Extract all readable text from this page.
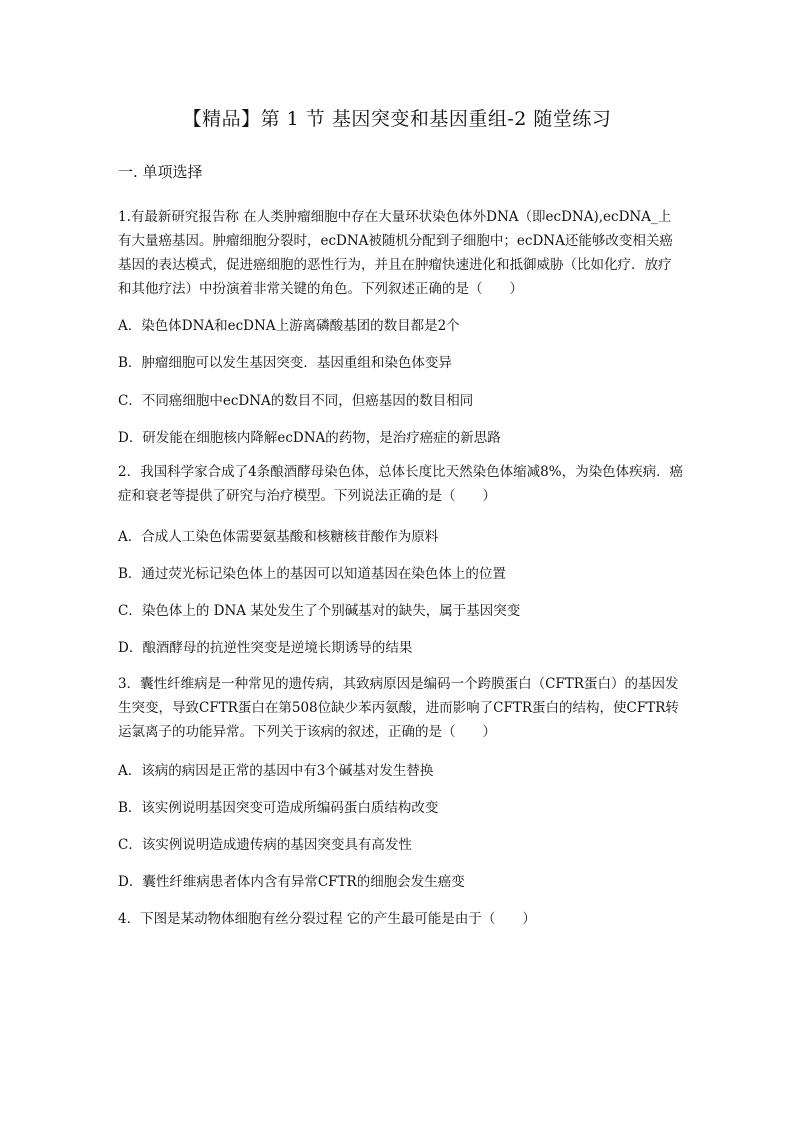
【精品】第 1 节 基因突变和基因重组-2 随堂练习
一. 单项选择
1.有最新研究报告称 在人类肿瘤细胞中存在大量环状染色体外DNA（即ecDNA),ecDNA_上有大量癌基因。肿瘤细胞分裂时，ecDNA被随机分配到子细胞中；ecDNA还能够改变相关癌基因的表达模式，促进癌细胞的恶性行为，并且在肿瘤快速进化和抵御威胁（比如化疗．放疗和其他疗法）中扮演着非常关键的角色。下列叙述正确的是（　　）
A．染色体DNA和ecDNA上游离磷酸基团的数目都是2个
B．肿瘤细胞可以发生基因突变．基因重组和染色体变异
C．不同癌细胞中ecDNA的数目不同，但癌基因的数目相同
D．研发能在细胞核内降解ecDNA的药物，是治疗癌症的新思路
2．我国科学家合成了4条酿酒酵母染色体，总体长度比天然染色体缩减8%，为染色体疾病．癌症和衰老等提供了研究与治疗模型。下列说法正确的是（　　）
A．合成人工染色体需要氨基酸和核糖核苷酸作为原料
B．通过荧光标记染色体上的基因可以知道基因在染色体上的位置
C．染色体上的 DNA 某处发生了个别碱基对的缺失，属于基因突变
D．酿酒酵母的抗逆性突变是逆境长期诱导的结果
3．囊性纤维病是一种常见的遗传病，其致病原因是编码一个跨膜蛋白（CFTR蛋白）的基因发生突变，导致CFTR蛋白在第508位缺少苯丙氨酸，进而影响了CFTR蛋白的结构，使CFTR转运氯离子的功能异常。下列关于该病的叙述，正确的是（　　）
A．该病的病因是正常的基因中有3个碱基对发生替换
B．该实例说明基因突变可造成所编码蛋白质结构改变
C．该实例说明造成遗传病的基因突变具有高发性
D．囊性纤维病患者体内含有异常CFTR的细胞会发生癌变
4．下图是某动物体细胞有丝分裂过程 它的产生最可能是由于（　　）
